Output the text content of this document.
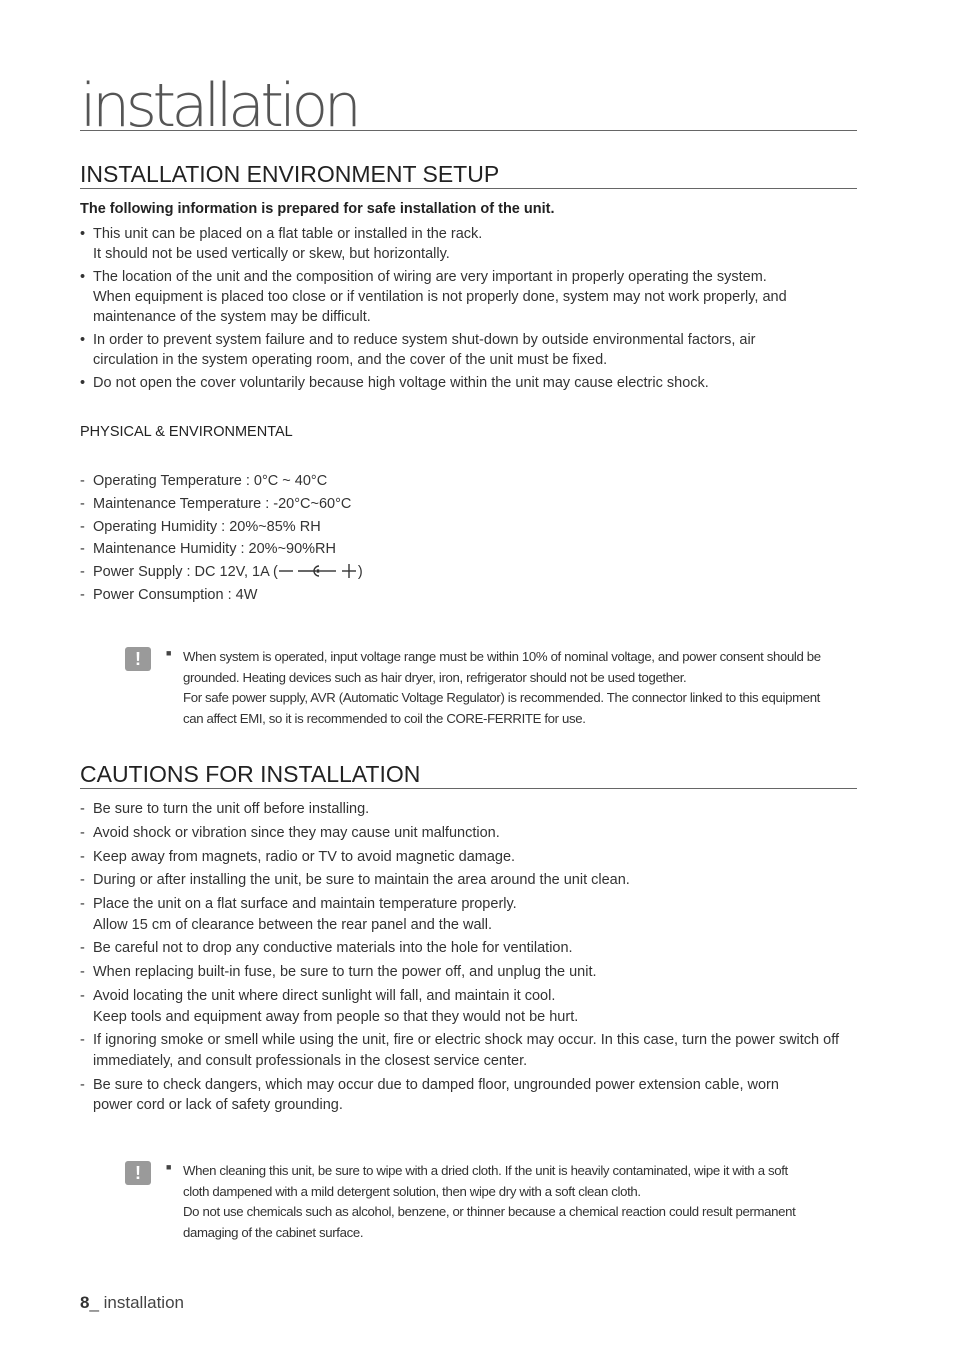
installation
INSTALLATION ENVIRONMENT SETUP

The following information is prepared for safe installation of the unit.

• This unit can be placed on a flat table or installed in the rack.
It should not be used vertically or skew, but horizontally.
• The location of the unit and the composition of wiring are very important in properly operating the system.
When equipment is placed too close or if ventilation is not properly done, system may not work properly, and
maintenance of the system may be difficult.
• In order to prevent system failure and to reduce system shut-down by outside environmental factors, air
circulation in the system operating room, and the cover of the unit must be fixed.
• Do not open the cover voluntarily because high voltage within the unit may cause electric shock.
PHYSICAL & ENVIRONMENTAL
- Operating Temperature : 0°C ~ 40°C
- Maintenance Temperature : -20°C~60°C
- Operating Humidity : 20%~85% RH
- Maintenance Humidity : 20%~90%RH
- Power Supply : DC 12V, 1A (	)
- Power Consumption : 4W
!	■ When system is operated, input voltage range must be within 10% of nominal voltage, and power consent should be
grounded. Heating devices such as hair dryer, iron, refrigerator should not be used together.
For safe power supply, AVR (Automatic Voltage Regulator) is recommended. The connector linked to this equipment
can affect EMI, so it is recommended to coil the CORE-FERRITE for use.
CAUTIONS FOR INSTALLATION
- Be sure to turn the unit off before installing.
- Avoid shock or vibration since they may cause unit malfunction.
- Keep away from magnets, radio or TV to avoid magnetic damage.
- During or after installing the unit, be sure to maintain the area around the unit clean.
- Place the unit on a flat surface and maintain temperature properly.
Allow 15 cm of clearance between the rear panel and the wall.
- Be careful not to drop any conductive materials into the hole for ventilation.
- When replacing built-in fuse, be sure to turn the power off, and unplug the unit.
- Avoid locating the unit where direct sunlight will fall, and maintain it cool.
Keep tools and equipment away from people so that they would not be hurt.
- If ignoring smoke or smell while using the unit, fire or electric shock may occur. In this case, turn the power switch off
immediately, and consult professionals in the closest service center.
- Be sure to check dangers, which may occur due to damped floor, ungrounded power extension cable, worn
power cord or lack of safety grounding.
!	■ When cleaning this unit, be sure to wipe with a dried cloth. If the unit is heavily contaminated, wipe it with a soft
cloth dampened with a mild detergent solution, then wipe dry with a soft clean cloth.
Do not use chemicals such as alcohol, benzene, or thinner because a chemical reaction could result permanent
damaging of the cabinet surface.
8_ installation
